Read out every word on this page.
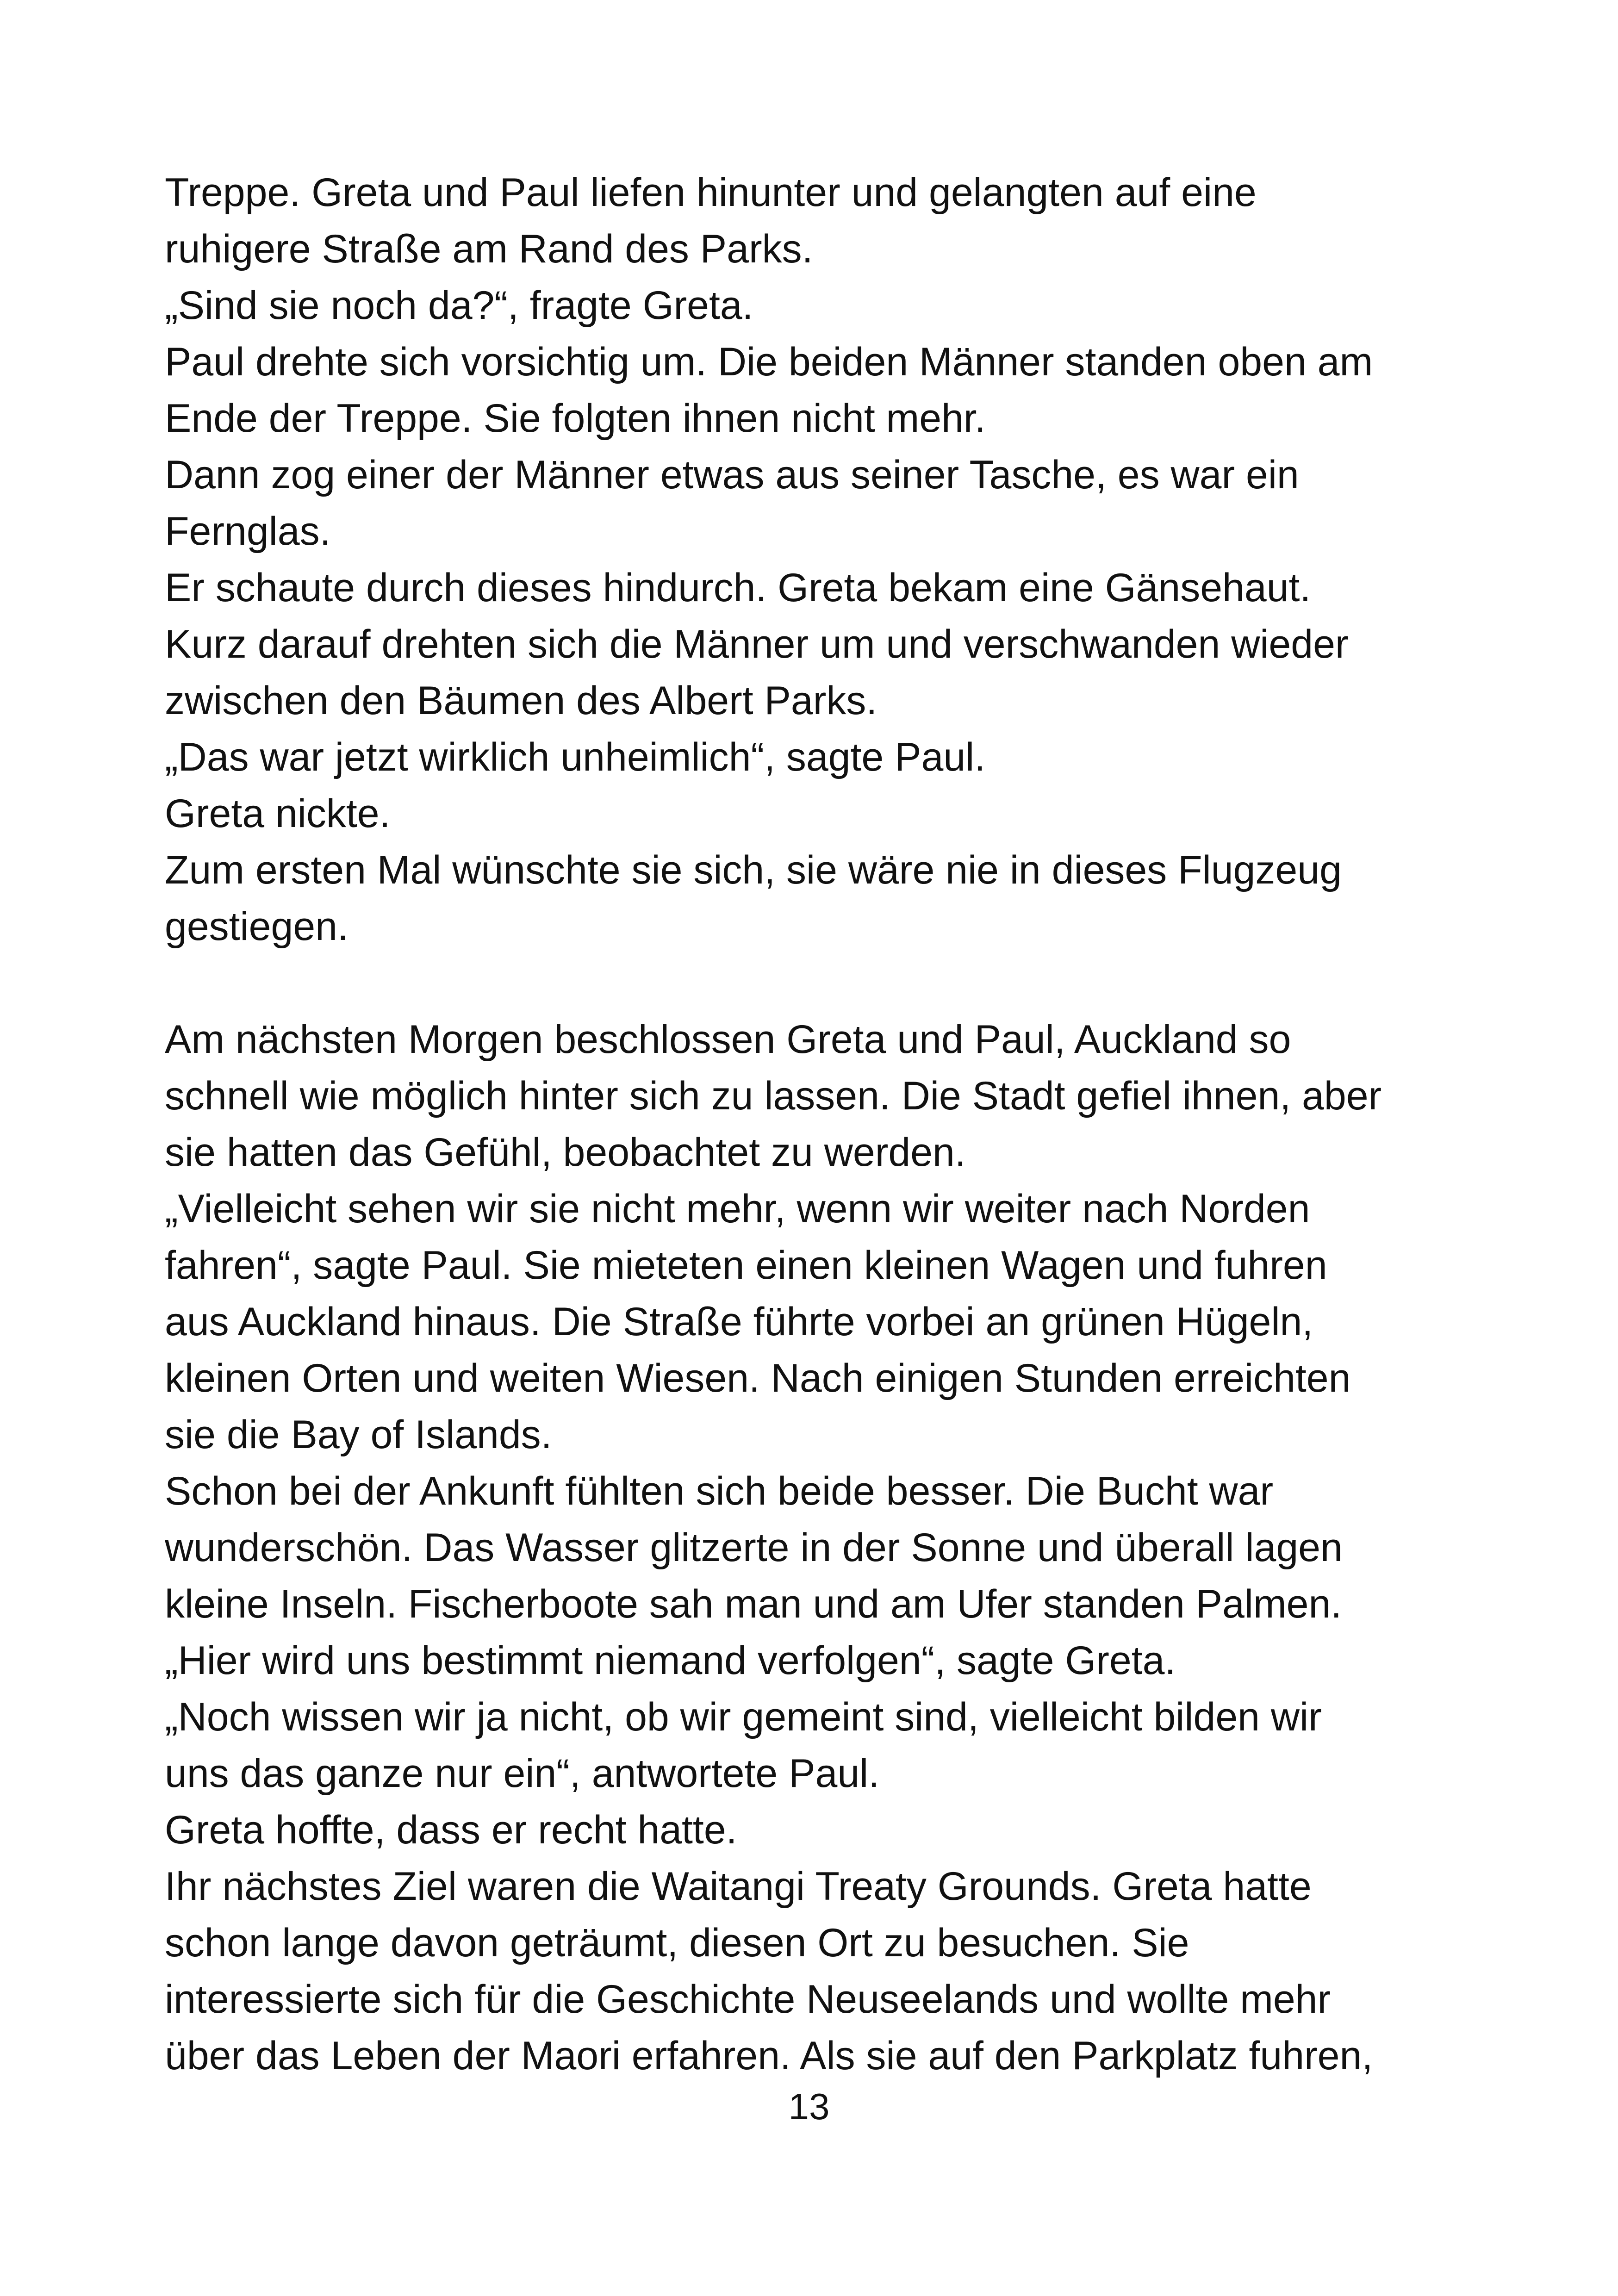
Treppe. Greta und Paul liefen hinunter und gelangten auf eine
ruhigere Straße am Rand des Parks.
„Sind sie noch da?“, fragte Greta.
Paul drehte sich vorsichtig um. Die beiden Männer standen oben am
Ende der Treppe. Sie folgten ihnen nicht mehr.
Dann zog einer der Männer etwas aus seiner Tasche, es war ein
Fernglas.
Er schaute durch dieses hindurch. Greta bekam eine Gänsehaut.
Kurz darauf drehten sich die Männer um und verschwanden wieder
zwischen den Bäumen des Albert Parks.
„Das war jetzt wirklich unheimlich“, sagte Paul.
Greta nickte.
Zum ersten Mal wünschte sie sich, sie wäre nie in dieses Flugzeug
gestiegen.
Am nächsten Morgen beschlossen Greta und Paul, Auckland so
schnell wie möglich hinter sich zu lassen. Die Stadt gefiel ihnen, aber
sie hatten das Gefühl, beobachtet zu werden.
„Vielleicht sehen wir sie nicht mehr, wenn wir weiter nach Norden
fahren“, sagte Paul. Sie mieteten einen kleinen Wagen und fuhren
aus Auckland hinaus. Die Straße führte vorbei an grünen Hügeln,
kleinen Orten und weiten Wiesen. Nach einigen Stunden erreichten
sie die Bay of Islands.
Schon bei der Ankunft fühlten sich beide besser. Die Bucht war
wunderschön. Das Wasser glitzerte in der Sonne und überall lagen
kleine Inseln. Fischerboote sah man und am Ufer standen Palmen.
„Hier wird uns bestimmt niemand verfolgen“, sagte Greta.
„Noch wissen wir ja nicht, ob wir gemeint sind, vielleicht bilden wir
uns das ganze nur ein“, antwortete Paul.
Greta hoffte, dass er recht hatte.
Ihr nächstes Ziel waren die Waitangi Treaty Grounds. Greta hatte
schon lange davon geträumt, diesen Ort zu besuchen. Sie
interessierte sich für die Geschichte Neuseelands und wollte mehr
über das Leben der Maori erfahren. Als sie auf den Parkplatz fuhren,
13
